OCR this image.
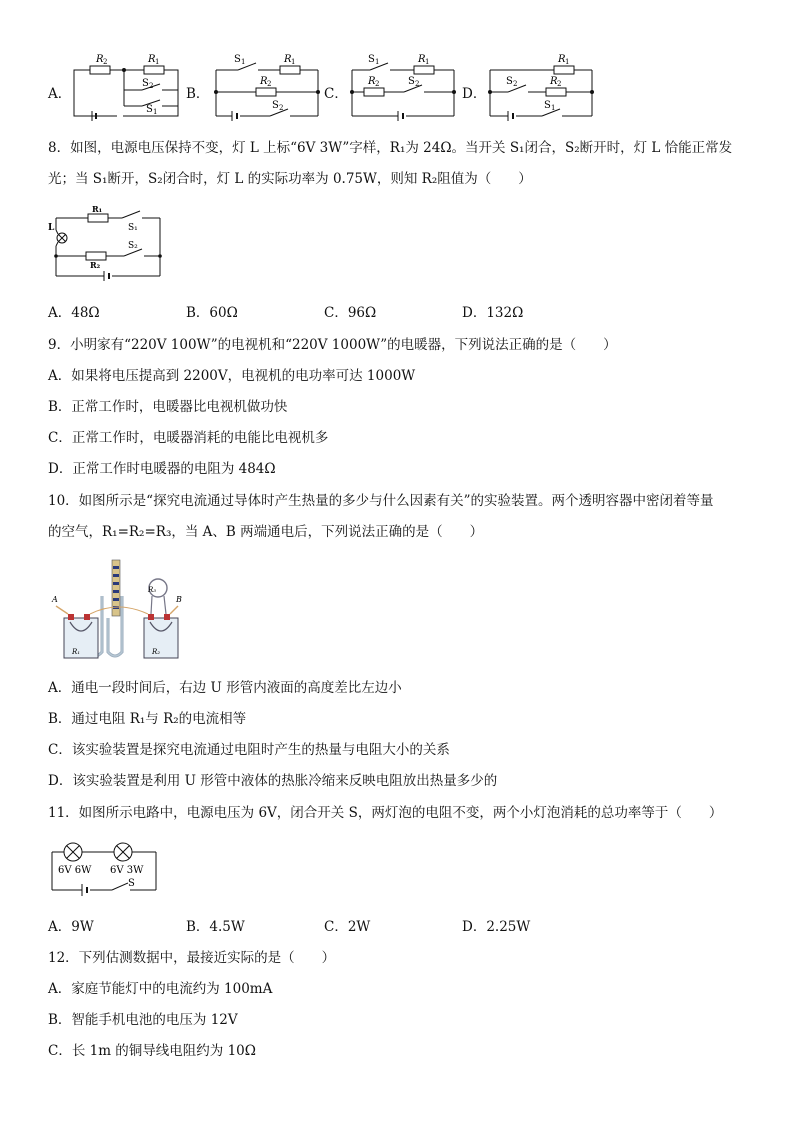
A．
R 2	R 1
S 2
S 1
B．
S 1	R 1
R 2
S 2
C．
S 1	R 1
R 2	S 2
D．
R 1
S 2	R 2
S 1
8．如图，电源电压保持不变，灯 L 上标“6V 3W”字样，R₁为 24Ω。当开关 S₁闭合，S₂断开时，灯 L 恰能正常发
光；当 S₁断开，S₂闭合时，灯 L 的实际功率为 0.75W，则知 R₂阻值为（　　）
L
R₁
S₁
R₂
S₂
A．48Ω	B．60Ω	C．96Ω	D．132Ω
9．小明家有“220V 100W”的电视机和“220V 1000W”的电暖器，下列说法正确的是（　　）
A．如果将电压提高到 2200V，电视机的电功率可达 1000W
B．正常工作时，电暖器比电视机做功快
C．正常工作时，电暖器消耗的电能比电视机多
D．正常工作时电暖器的电阻为 484Ω
10．如图所示是“探究电流通过导体时产生热量的多少与什么因素有关”的实验装置。两个透明容器中密闭着等量
的空气，R₁=R₂=R₃，当 A、B 两端通电后，下列说法正确的是（　　）
A	B
R₁	R₂
R₃
A．通电一段时间后，右边 U 形管内液面的高度差比左边小
B．通过电阻 R₁与 R₂的电流相等
C．该实验装置是探究电流通过电阻时产生的热量与电阻大小的关系
D．该实验装置是利用 U 形管中液体的热胀冷缩来反映电阻放出热量多少的
11．如图所示电路中，电源电压为 6V，闭合开关 S，两灯泡的电阻不变，两个小灯泡消耗的总功率等于（　　）
6V 6W 6V 3W
S
A．9W	B．4.5W	C．2W	D．2.25W
12．下列估测数据中，最接近实际的是（　　）
A．家庭节能灯中的电流约为 100mA
B．智能手机电池的电压为 12V
C．长 1m 的铜导线电阻约为 10Ω
